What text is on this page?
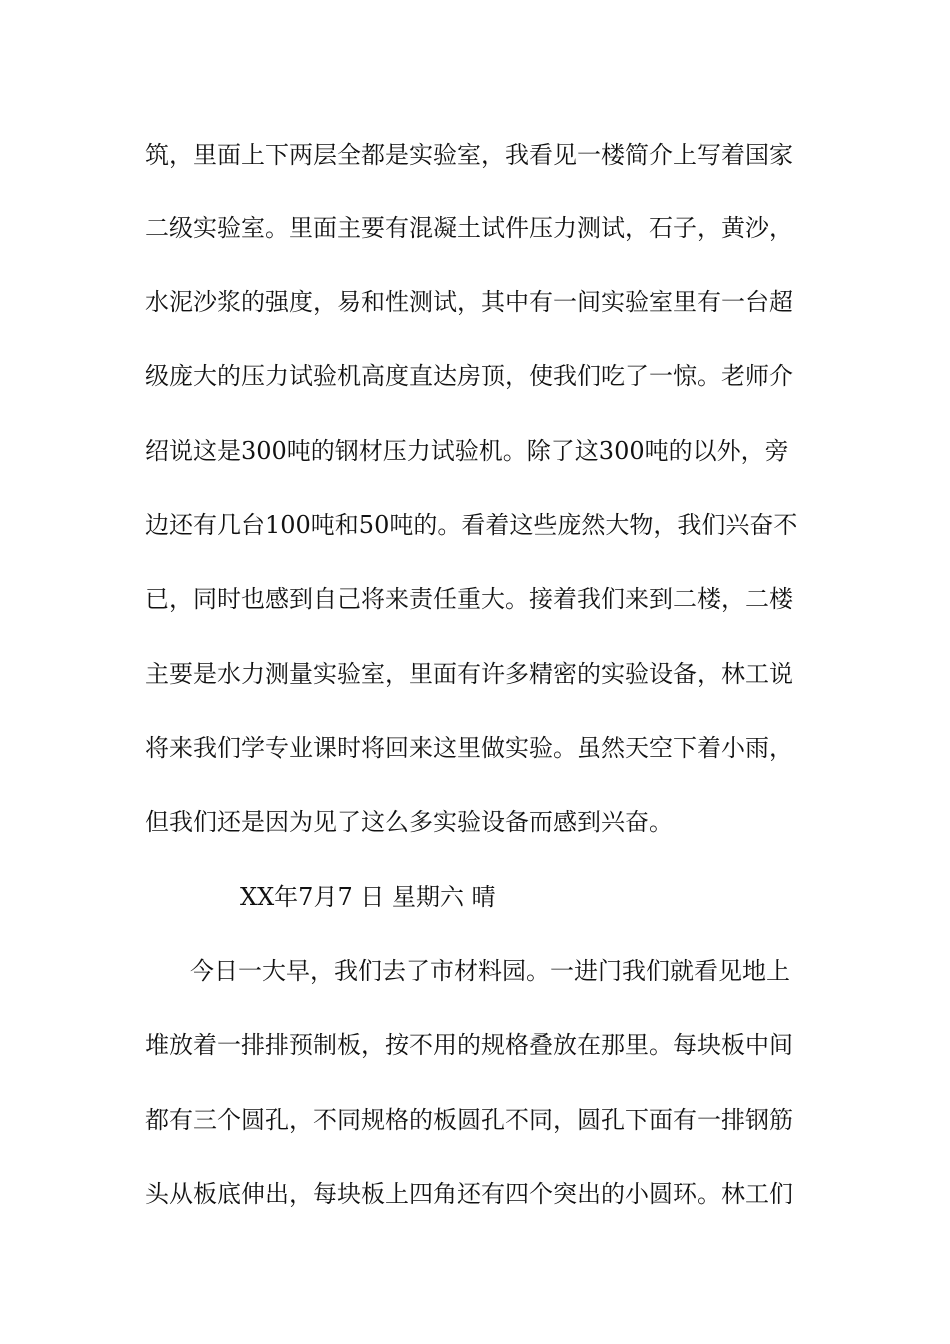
筑，里面上下两层全都是实验室，我看见一楼简介上写着国家
二级实验室。里面主要有混凝土试件压力测试，石子，黄沙，
水泥沙浆的强度，易和性测试，其中有一间实验室里有一台超
级庞大的压力试验机高度直达房顶，使我们吃了一惊。老师介
绍说这是300吨的钢材压力试验机。除了这300吨的以外，旁
边还有几台100吨和50吨的。看着这些庞然大物，我们兴奋不
已，同时也感到自己将来责任重大。接着我们来到二楼，二楼
主要是水力测量实验室，里面有许多精密的实验设备，林工说
将来我们学专业课时将回来这里做实验。虽然天空下着小雨，
但我们还是因为见了这么多实验设备而感到兴奋。
XX年7月7 日 星期六 晴
今日一大早，我们去了市材料园。一进门我们就看见地上
堆放着一排排预制板，按不用的规格叠放在那里。每块板中间
都有三个圆孔，不同规格的板圆孔不同，圆孔下面有一排钢筋
头从板底伸出，每块板上四角还有四个突出的小圆环。林工们
